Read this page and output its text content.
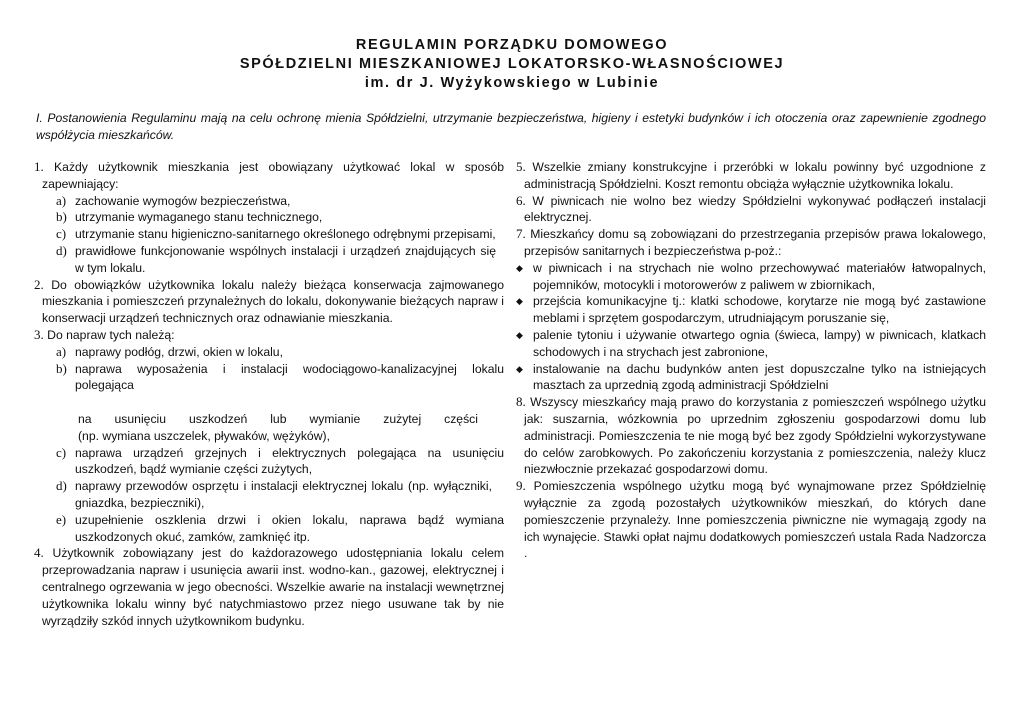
REGULAMIN PORZĄDKU DOMOWEGO
SPÓŁDZIELNI MIESZKANIOWEJ LOKATORSKO-WŁASNOŚCIOWEJ
im. dr J. Wyżykowskiego w Lubinie
I. Postanowienia Regulaminu mają na celu ochronę mienia Spółdzielni, utrzymanie bezpieczeństwa, higieny i estetyki budynków i ich otoczenia oraz zapewnienie zgodnego współżycia mieszkańców.
1. Każdy użytkownik mieszkania jest obowiązany użytkować lokal w sposób zapewniający:
a) zachowanie wymogów bezpieczeństwa,
b) utrzymanie wymaganego stanu technicznego,
c) utrzymanie stanu higieniczno-sanitarnego określonego odrębnymi przepisami,
d) prawidłowe funkcjonowanie wspólnych instalacji i urządzeń znajdujących się w tym lokalu.
2. Do obowiązków użytkownika lokalu należy bieżąca konserwacja zajmowanego mieszkania i pomieszczeń przynależnych do lokalu, dokonywanie bieżących napraw i konserwacji urządzeń technicznych oraz odnawianie mieszkania.
3. Do napraw tych należą:
a) naprawy podłóg, drzwi, okien w lokalu,
b) naprawa wyposażenia i instalacji wodociągowo-kanalizacyjnej lokalu polegająca
na usunięciu uszkodzeń lub wymianie zużytej części
(np. wymiana uszczelek, pływaków, wężyków),
c) naprawa urządzeń grzejnych i elektrycznych polegająca na usunięciu uszkodzeń, bądź wymianie części zużytych,
d) naprawy przewodów osprzętu i instalacji elektrycznej lokalu (np. wyłączniki, gniazdka, bezpieczniki),
e) uzupełnienie oszklenia drzwi i okien lokalu, naprawa bądź wymiana uszkodzonych okuć, zamków, zamknięć itp.
4. Użytkownik zobowiązany jest do każdorazowego udostępniania lokalu celem przeprowadzania napraw i usunięcia awarii inst. wodno-kan., gazowej, elektrycznej i centralnego ogrzewania w jego obecności. Wszelkie awarie na instalacji wewnętrznej użytkownika lokalu winny być natychmiastowo przez niego usuwane tak by nie wyrządziły szkód innych użytkownikom budynku.
5. Wszelkie zmiany konstrukcyjne i przeróbki w lokalu powinny być uzgodnione z administracją Spółdzielni. Koszt remontu obciąża wyłącznie użytkownika lokalu.
6. W piwnicach nie wolno bez wiedzy Spółdzielni wykonywać podłączeń instalacji elektrycznej.
7. Mieszkańcy domu są zobowiązani do przestrzegania przepisów prawa lokalowego, przepisów sanitarnych i bezpieczeństwa p-poż.:
◆ w piwnicach i na strychach nie wolno przechowywać materiałów łatwopalnych, pojemników, motocykli i motorowerów z paliwem w zbiornikach,
◆ przejścia komunikacyjne tj.: klatki schodowe, korytarze nie mogą być zastawione meblami i sprzętem gospodarczym, utrudniającym poruszanie się,
◆ palenie tytoniu i używanie otwartego ognia (świeca, lampy) w piwnicach, klatkach schodowych i na strychach jest zabronione,
◆ instalowanie na dachu budynków anten jest dopuszczalne tylko na istniejących masztach za uprzednią zgodą administracji Spółdzielni
8. Wszyscy mieszkańcy mają prawo do korzystania z pomieszczeń wspólnego użytku jak: suszarnia, wózkownia po uprzednim zgłoszeniu gospodarzowi domu lub administracji. Pomieszczenia te nie mogą być bez zgody Spółdzielni wykorzystywane do celów zarobkowych. Po zakończeniu korzystania z pomieszczenia, należy klucz niezwłocznie przekazać gospodarzowi domu.
9. Pomieszczenia wspólnego użytku mogą być wynajmowane przez Spółdzielnię wyłącznie za zgodą pozostałych użytkowników mieszkań, do których dane pomieszczenie przynależy. Inne pomieszczenia piwniczne nie wymagają zgody na ich wynajęcie. Stawki opłat najmu dodatkowych pomieszczeń ustala Rada Nadzorcza .
